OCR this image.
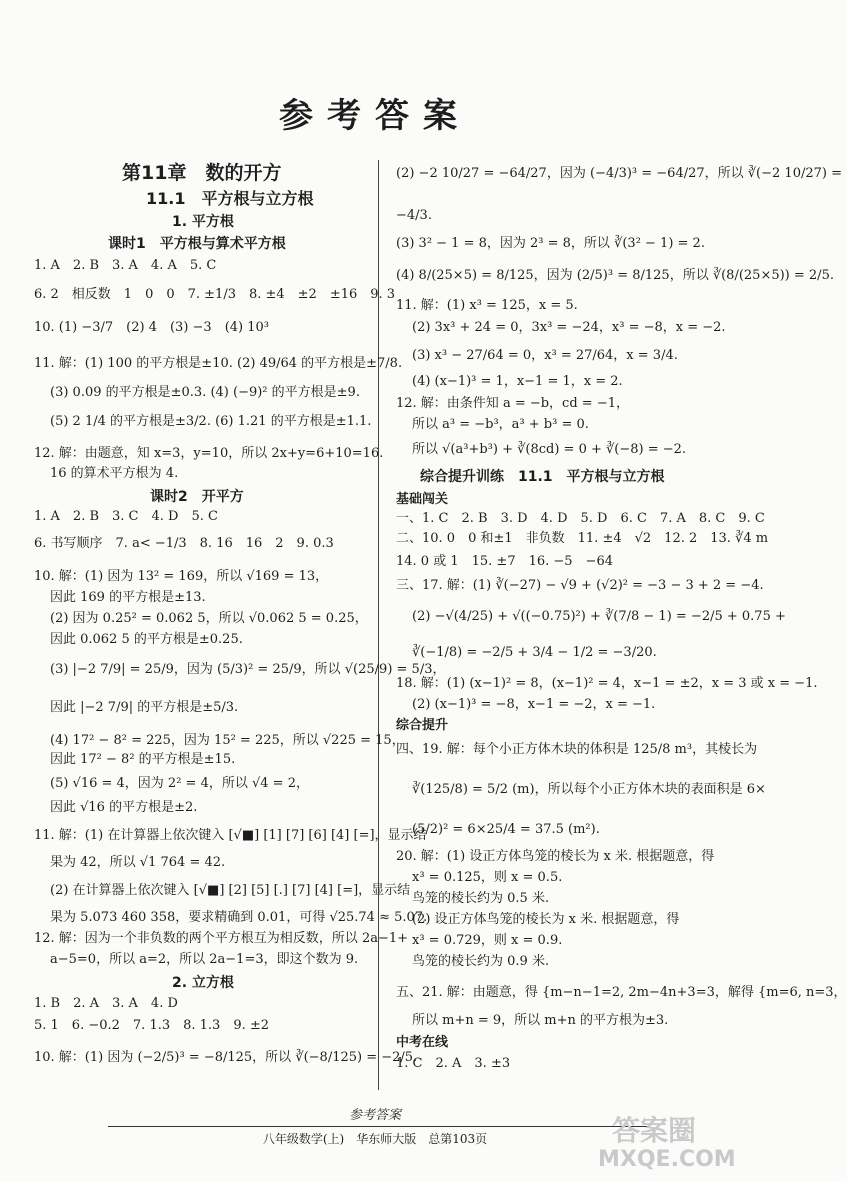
参考答案
第11章　数的开方
11.1　平方根与立方根
1. 平方根
课时1　平方根与算术平方根
1. A　2. B　3. A　4. A　5. C
6. 2　相反数　1　0　0　7. ±1/3　8. ±4　±2　±16　9. 3
10. (1) −3/7　(2) 4　(3) −3　(4) 10³
11. 解：(1) 100 的平方根是±10. (2) 49/64 的平方根是±7/8.
(3) 0.09 的平方根是±0.3. (4) (−9)² 的平方根是±9.
(5) 2 1/4 的平方根是±3/2. (6) 1.21 的平方根是±1.1.
12. 解：由题意，知 x=3，y=10，所以 2x+y=6+10=16.
16 的算术平方根为 4.
课时2　开平方
1. A　2. B　3. C　4. D　5. C
6. 书写顺序　7. a< −1/3　8. 16　16　2　9. 0.3
10. 解：(1) 因为 13² = 169，所以 √169 = 13，
因此 169 的平方根是±13.
(2) 因为 0.25² = 0.062 5，所以 √0.062 5 = 0.25，
因此 0.062 5 的平方根是±0.25.
(3) |−2 7/9| = 25/9，因为 (5/3)² = 25/9，所以 √(25/9) = 5/3，
因此 |−2 7/9| 的平方根是±5/3.
(4) 17² − 8² = 225，因为 15² = 225，所以 √225 = 15，
因此 17² − 8² 的平方根是±15.
(5) √16 = 4，因为 2² = 4，所以 √4 = 2，
因此 √16 的平方根是±2.
11. 解：(1) 在计算器上依次键入 [√■] [1] [7] [6] [4] [=]，显示结
果为 42，所以 √1 764 = 42.
(2) 在计算器上依次键入 [√■] [2] [5] [.] [7] [4] [=]，显示结
果为 5.073 460 358，要求精确到 0.01，可得 √25.74 ≈ 5.07.
12. 解：因为一个非负数的两个平方根互为相反数，所以 2a−1+
a−5=0，所以 a=2，所以 2a−1=3，即这个数为 9.
2. 立方根
1. B　2. A　3. A　4. D
5. 1　6. −0.2　7. 1.3　8. 1.3　9. ±2
10. 解：(1) 因为 (−2/5)³ = −8/125，所以 ∛(−8/125) = −2/5.
(2) −2 10/27 = −64/27，因为 (−4/3)³ = −64/27，所以 ∛(−2 10/27) =
−4/3.
(3) 3² − 1 = 8，因为 2³ = 8，所以 ∛(3² − 1) = 2.
(4) 8/(25×5) = 8/125，因为 (2/5)³ = 8/125，所以 ∛(8/(25×5)) = 2/5.
11. 解：(1) x³ = 125，x = 5.
(2) 3x³ + 24 = 0，3x³ = −24，x³ = −8，x = −2.
(3) x³ − 27/64 = 0，x³ = 27/64，x = 3/4.
(4) (x−1)³ = 1，x−1 = 1，x = 2.
12. 解：由条件知 a = −b，cd = −1，
所以 a³ = −b³，a³ + b³ = 0.
所以 √(a³+b³) + ∛(8cd) = 0 + ∛(−8) = −2.
综合提升训练　11.1　平方根与立方根
基础闯关
一、1. C　2. B　3. D　4. D　5. D　6. C　7. A　8. C　9. C
二、10. 0　0 和±1　非负数　11. ±4　√2　12. 2　13. ∛4 m
14. 0 或 1　15. ±7　16. −5　−64
三、17. 解：(1) ∛(−27) − √9 + (√2)² = −3 − 3 + 2 = −4.
(2) −√(4/25) + √((−0.75)²) + ∛(7/8 − 1) = −2/5 + 0.75 +
∛(−1/8) = −2/5 + 3/4 − 1/2 = −3/20.
18. 解：(1) (x−1)² = 8，(x−1)² = 4，x−1 = ±2，x = 3 或 x = −1.
(2) (x−1)³ = −8，x−1 = −2，x = −1.
综合提升
四、19. 解：每个小正方体木块的体积是 125/8 m³，其棱长为
∛(125/8) = 5/2 (m)，所以每个小正方体木块的表面积是 6×
(5/2)² = 6×25/4 = 37.5 (m²).
20. 解：(1) 设正方体鸟笼的棱长为 x 米. 根据题意，得
x³ = 0.125，则 x = 0.5.
鸟笼的棱长约为 0.5 米.
(2) 设正方体鸟笼的棱长为 x 米. 根据题意，得
x³ = 0.729，则 x = 0.9.
鸟笼的棱长约为 0.9 米.
五、21. 解：由题意，得 {m−n−1=2, 2m−4n+3=3，解得 {m=6, n=3，
所以 m+n = 9，所以 m+n 的平方根为±3.
中考在线
1. C　2. A　3. ±3
参考答案
八年级数学(上)　华东师大版　总第103页	答案圈
MXQE.COM
